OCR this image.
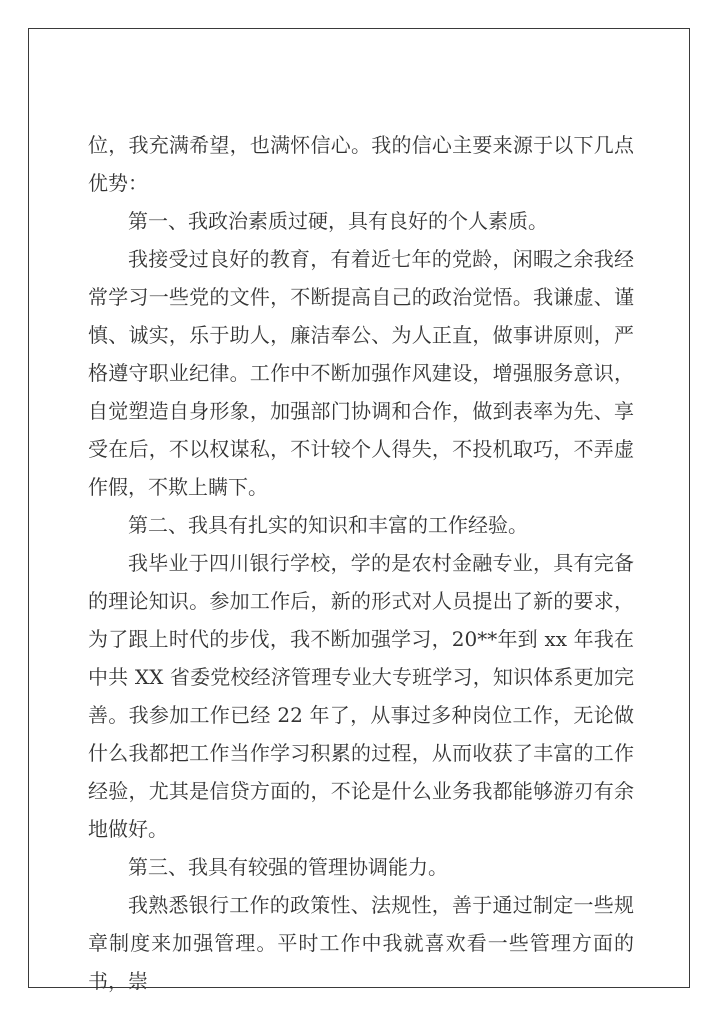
位，我充满希望，也满怀信心。我的信心主要来源于以下几点优势：

第一、我政治素质过硬，具有良好的个人素质。

我接受过良好的教育，有着近七年的党龄，闲暇之余我经常学习一些党的文件，不断提高自己的政治觉悟。我谦虚、谨慎、诚实，乐于助人，廉洁奉公、为人正直，做事讲原则，严格遵守职业纪律。工作中不断加强作风建设，增强服务意识，自觉塑造自身形象，加强部门协调和合作，做到表率为先、享受在后，不以权谋私，不计较个人得失，不投机取巧，不弄虚作假，不欺上瞒下。

第二、我具有扎实的知识和丰富的工作经验。

我毕业于四川银行学校，学的是农村金融专业，具有完备的理论知识。参加工作后，新的形式对人员提出了新的要求，为了跟上时代的步伐，我不断加强学习，20**年到 xx 年我在中共 XX 省委党校经济管理专业大专班学习，知识体系更加完善。我参加工作已经 22 年了，从事过多种岗位工作，无论做什么我都把工作当作学习积累的过程，从而收获了丰富的工作经验，尤其是信贷方面的，不论是什么业务我都能够游刃有余地做好。

第三、我具有较强的管理协调能力。

我熟悉银行工作的政策性、法规性，善于通过制定一些规章制度来加强管理。平时工作中我就喜欢看一些管理方面的书，崇
